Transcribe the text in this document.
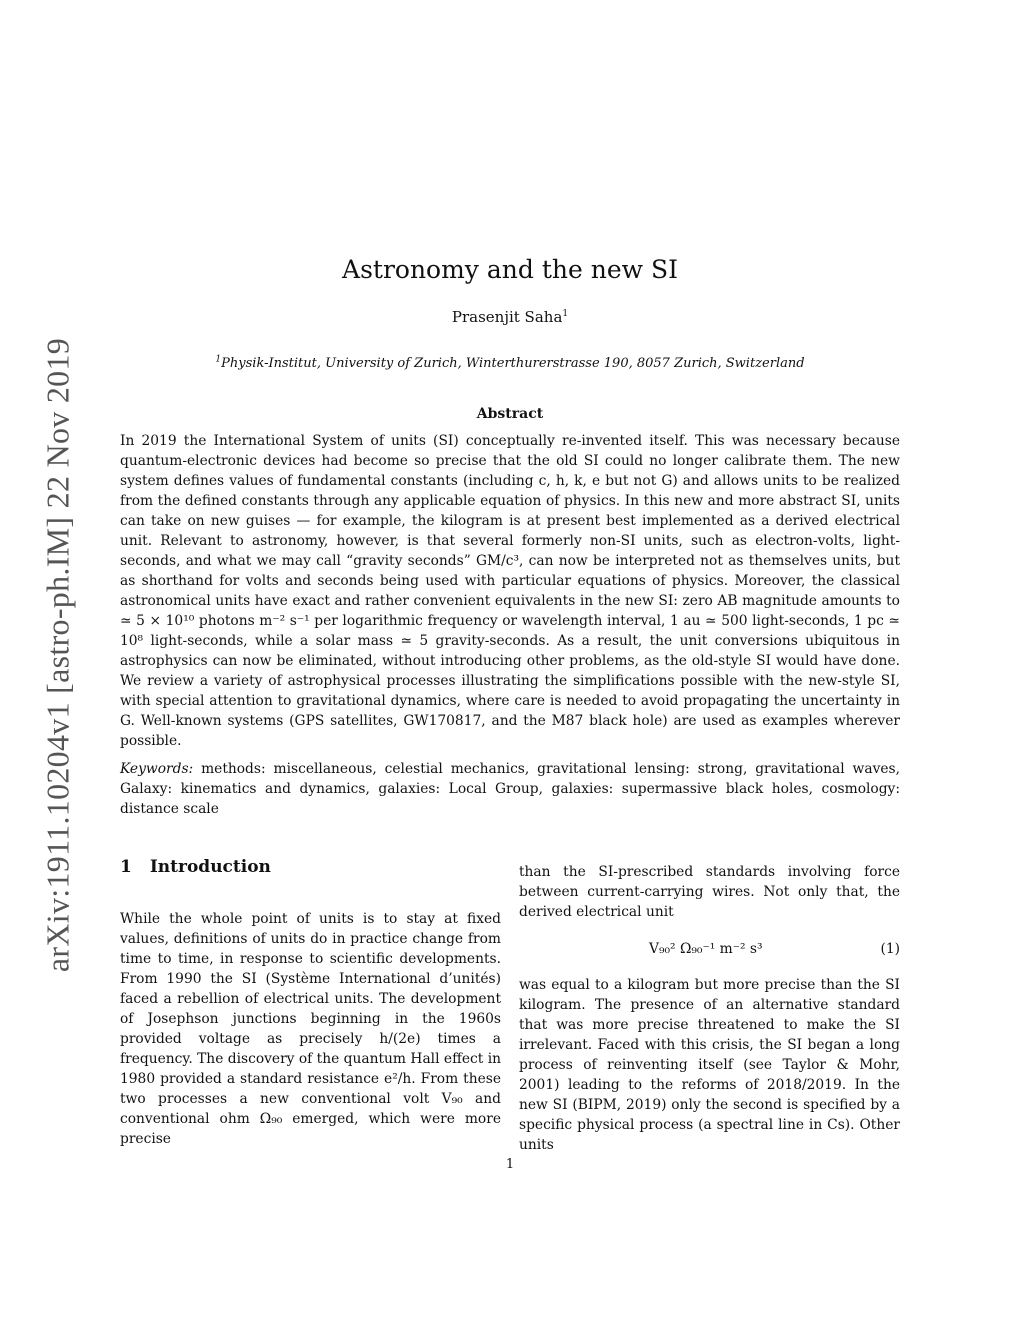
arXiv:1911.10204v1 [astro-ph.IM] 22 Nov 2019
Astronomy and the new SI
Prasenjit Saha$^1$
$^1$Physik-Institut, University of Zurich, Winterthurerstrasse 190, 8057 Zurich, Switzerland
Abstract

In 2019 the International System of units (SI) conceptually re-invented itself. This was necessary because quantum-electronic devices had become so precise that the old SI could no longer calibrate them. The new system defines values of fundamental constants (including c, h, k, e but not G) and allows units to be realized from the defined constants through any applicable equation of physics. In this new and more abstract SI, units can take on new guises — for example, the kilogram is at present best implemented as a derived electrical unit. Relevant to astronomy, however, is that several formerly non-SI units, such as electron-volts, light-seconds, and what we may call “gravity seconds” GM/c³, can now be interpreted not as themselves units, but as shorthand for volts and seconds being used with particular equations of physics. Moreover, the classical astronomical units have exact and rather convenient equivalents in the new SI: zero AB magnitude amounts to ≃ 5 × 10¹⁰ photons m⁻² s⁻¹ per logarithmic frequency or wavelength interval, 1 au ≃ 500 light-seconds, 1 pc ≃ 10⁸ light-seconds, while a solar mass ≃ 5 gravity-seconds. As a result, the unit conversions ubiquitous in astrophysics can now be eliminated, without introducing other problems, as the old-style SI would have done. We review a variety of astrophysical processes illustrating the simplifications possible with the new-style SI, with special attention to gravitational dynamics, where care is needed to avoid propagating the uncertainty in G. Well-known systems (GPS satellites, GW170817, and the M87 black hole) are used as examples wherever possible.

Keywords: methods: miscellaneous, celestial mechanics, gravitational lensing: strong, gravitational waves, Galaxy: kinematics and dynamics, galaxies: Local Group, galaxies: supermassive black holes, cosmology: distance scale

1 Introduction

While the whole point of units is to stay at fixed values, definitions of units do in practice change from time to time, in response to scientific developments. From 1990 the SI (Système International d’unités) faced a rebellion of electrical units. The development of Josephson junctions beginning in the 1960s provided voltage as precisely h/(2e) times a frequency. The discovery of the quantum Hall effect in 1980 provided a standard resistance e²/h. From these two processes a new conventional volt V₉₀ and conventional ohm Ω₉₀ emerged, which were more precise

than the SI-prescribed standards involving force between current-carrying wires. Not only that, the derived electrical unit

V₉₀² Ω₉₀⁻¹ m⁻² s³	(1)

was equal to a kilogram but more precise than the SI kilogram. The presence of an alternative standard that was more precise threatened to make the SI irrelevant. Faced with this crisis, the SI began a long process of reinventing itself (see Taylor & Mohr, 2001) leading to the reforms of 2018/2019. In the new SI (BIPM, 2019) only the second is specified by a specific physical process (a spectral line in Cs). Other units

1
